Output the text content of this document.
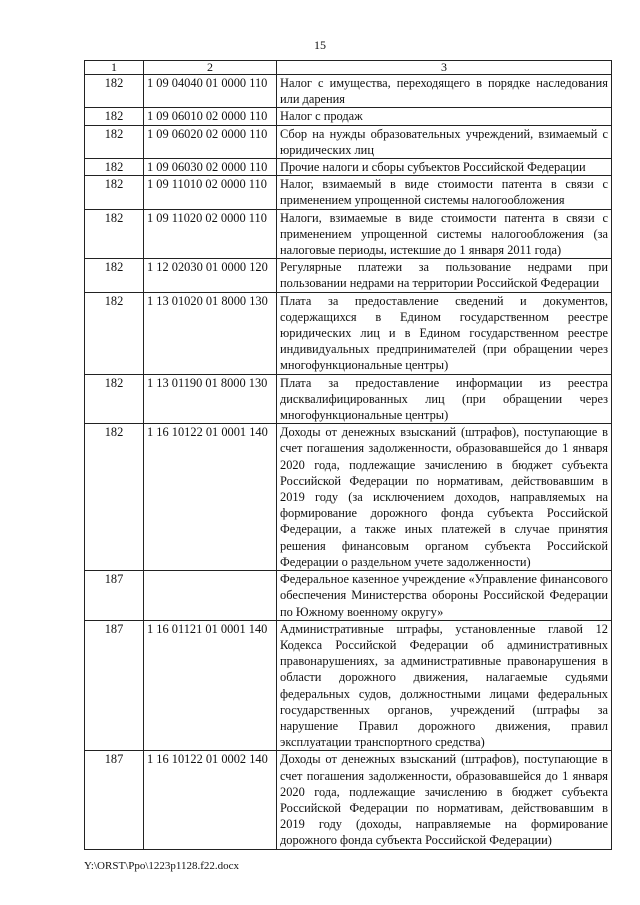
15
1	2	3
182	1 09 04040 01 0000 110	Налог с имущества, переходящего в порядке наследования или дарения
182	1 09 06010 02 0000 110	Налог с продаж
182	1 09 06020 02 0000 110	Сбор на нужды образовательных учреждений, взимаемый с юридических лиц
182	1 09 06030 02 0000 110	Прочие налоги и сборы субъектов Российской Федерации
182	1 09 11010 02 0000 110	Налог, взимаемый в виде стоимости патента в связи с применением упрощенной системы налогообложения
182	1 09 11020 02 0000 110	Налоги, взимаемые в виде стоимости патента в связи с применением упрощенной системы налогообложения (за налоговые периоды, истекшие до 1 января 2011 года)
182	1 12 02030 01 0000 120	Регулярные платежи за пользование недрами при пользовании недрами на территории Российской Федерации
182	1 13 01020 01 8000 130	Плата за предоставление сведений и документов, содержащихся в Едином государственном реестре юридических лиц и в Едином государственном реестре индивидуальных предпринимателей (при обращении через многофункциональные центры)
182	1 13 01190 01 8000 130	Плата за предоставление информации из реестра дисквалифицированных лиц (при обращении через многофункциональные центры)
182	1 16 10122 01 0001 140	Доходы от денежных взысканий (штрафов), поступающие в счет погашения задолженности, образовавшейся до 1 января 2020 года, подлежащие зачислению в бюджет субъекта Российской Федерации по нормативам, действовавшим в 2019 году (за исключением доходов, направляемых на формирование дорожного фонда субъекта Российской Федерации, а также иных платежей в случае принятия решения финансовым органом субъекта Российской Федерации о раздельном учете задолженности)
187		Федеральное казенное учреждение «Управление финансового обеспечения Министерства обороны Российской Федерации по Южному военному округу»
187	1 16 01121 01 0001 140	Административные штрафы, установленные главой 12 Кодекса Российской Федерации об административных правонарушениях, за административные правонарушения в области дорожного движения, налагаемые судьями федеральных судов, должностными лицами федеральных государственных органов, учреждений (штрафы за нарушение Правил дорожного движения, правил эксплуатации транспортного средства)
187	1 16 10122 01 0002 140	Доходы от денежных взысканий (штрафов), поступающие в счет погашения задолженности, образовавшейся до 1 января 2020 года, подлежащие зачислению в бюджет субъекта Российской Федерации по нормативам, действовавшим в 2019 году (доходы, направляемые на формирование дорожного фонда субъекта Российской Федерации)
Y:\ORST\Ppo\1223p1128.f22.docx
